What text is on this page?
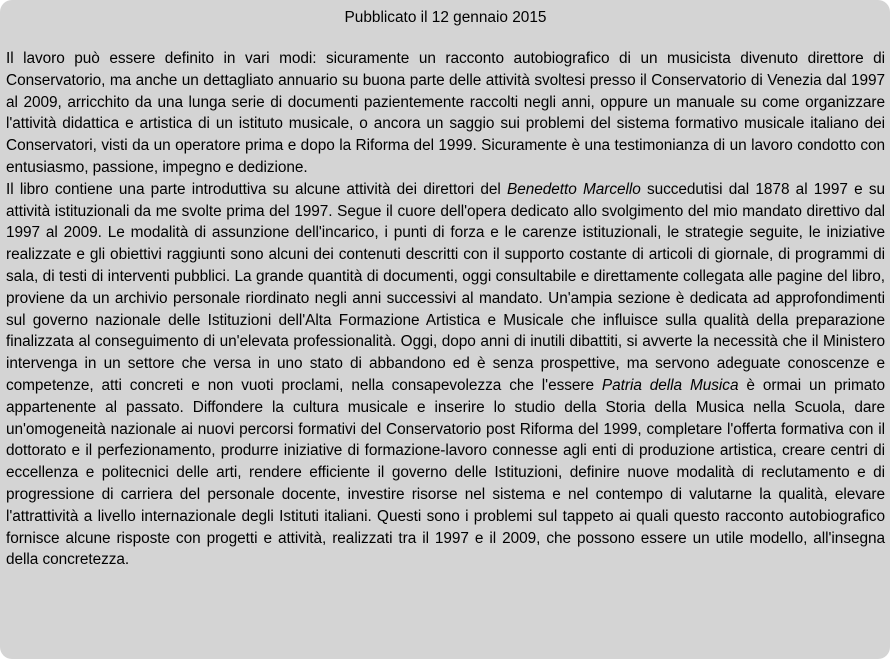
Pubblicato il 12 gennaio 2015

Il lavoro può essere definito in vari modi: sicuramente un racconto autobiografico di un musicista divenuto direttore di Conservatorio, ma anche un dettagliato annuario su buona parte delle attività svoltesi presso il Conservatorio di Venezia dal 1997 al 2009, arricchito da una lunga serie di documenti pazientemente raccolti negli anni, oppure un manuale su come organizzare l'attività didattica e artistica di un istituto musicale, o ancora un saggio sui problemi del sistema formativo musicale italiano dei Conservatori, visti da un operatore prima e dopo la Riforma del 1999. Sicuramente è una testimonianza di un lavoro condotto con entusiasmo, passione, impegno e dedizione.

Il libro contiene una parte introduttiva su alcune attività dei direttori del Benedetto Marcello succedutisi dal 1878 al 1997 e su attività istituzionali da me svolte prima del 1997. Segue il cuore dell'opera dedicato allo svolgimento del mio mandato direttivo dal 1997 al 2009. Le modalità di assunzione dell'incarico, i punti di forza e le carenze istituzionali, le strategie seguite, le iniziative realizzate e gli obiettivi raggiunti sono alcuni dei contenuti descritti con il supporto costante di articoli di giornale, di programmi di sala, di testi di interventi pubblici. La grande quantità di documenti, oggi consultabile e direttamente collegata alle pagine del libro, proviene da un archivio personale riordinato negli anni successivi al mandato. Un'ampia sezione è dedicata ad approfondimenti sul governo nazionale delle Istituzioni dell'Alta Formazione Artistica e Musicale che influisce sulla qualità della preparazione finalizzata al conseguimento di un'elevata professionalità. Oggi, dopo anni di inutili dibattiti, si avverte la necessità che il Ministero intervenga in un settore che versa in uno stato di abbandono ed è senza prospettive, ma servono adeguate conoscenze e competenze, atti concreti e non vuoti proclami, nella consapevolezza che l'essere Patria della Musica è ormai un primato appartenente al passato. Diffondere la cultura musicale e inserire lo studio della Storia della Musica nella Scuola, dare un'omogeneità nazionale ai nuovi percorsi formativi del Conservatorio post Riforma del 1999, completare l'offerta formativa con il dottorato e il perfezionamento, produrre iniziative di formazione-lavoro connesse agli enti di produzione artistica, creare centri di eccellenza e politecnici delle arti, rendere efficiente il governo delle Istituzioni, definire nuove modalità di reclutamento e di progressione di carriera del personale docente, investire risorse nel sistema e nel contempo di valutarne la qualità, elevare l'attrattività a livello internazionale degli Istituti italiani. Questi sono i problemi sul tappeto ai quali questo racconto autobiografico fornisce alcune risposte con progetti e attività, realizzati tra il 1997 e il 2009, che possono essere un utile modello, all'insegna della concretezza.
